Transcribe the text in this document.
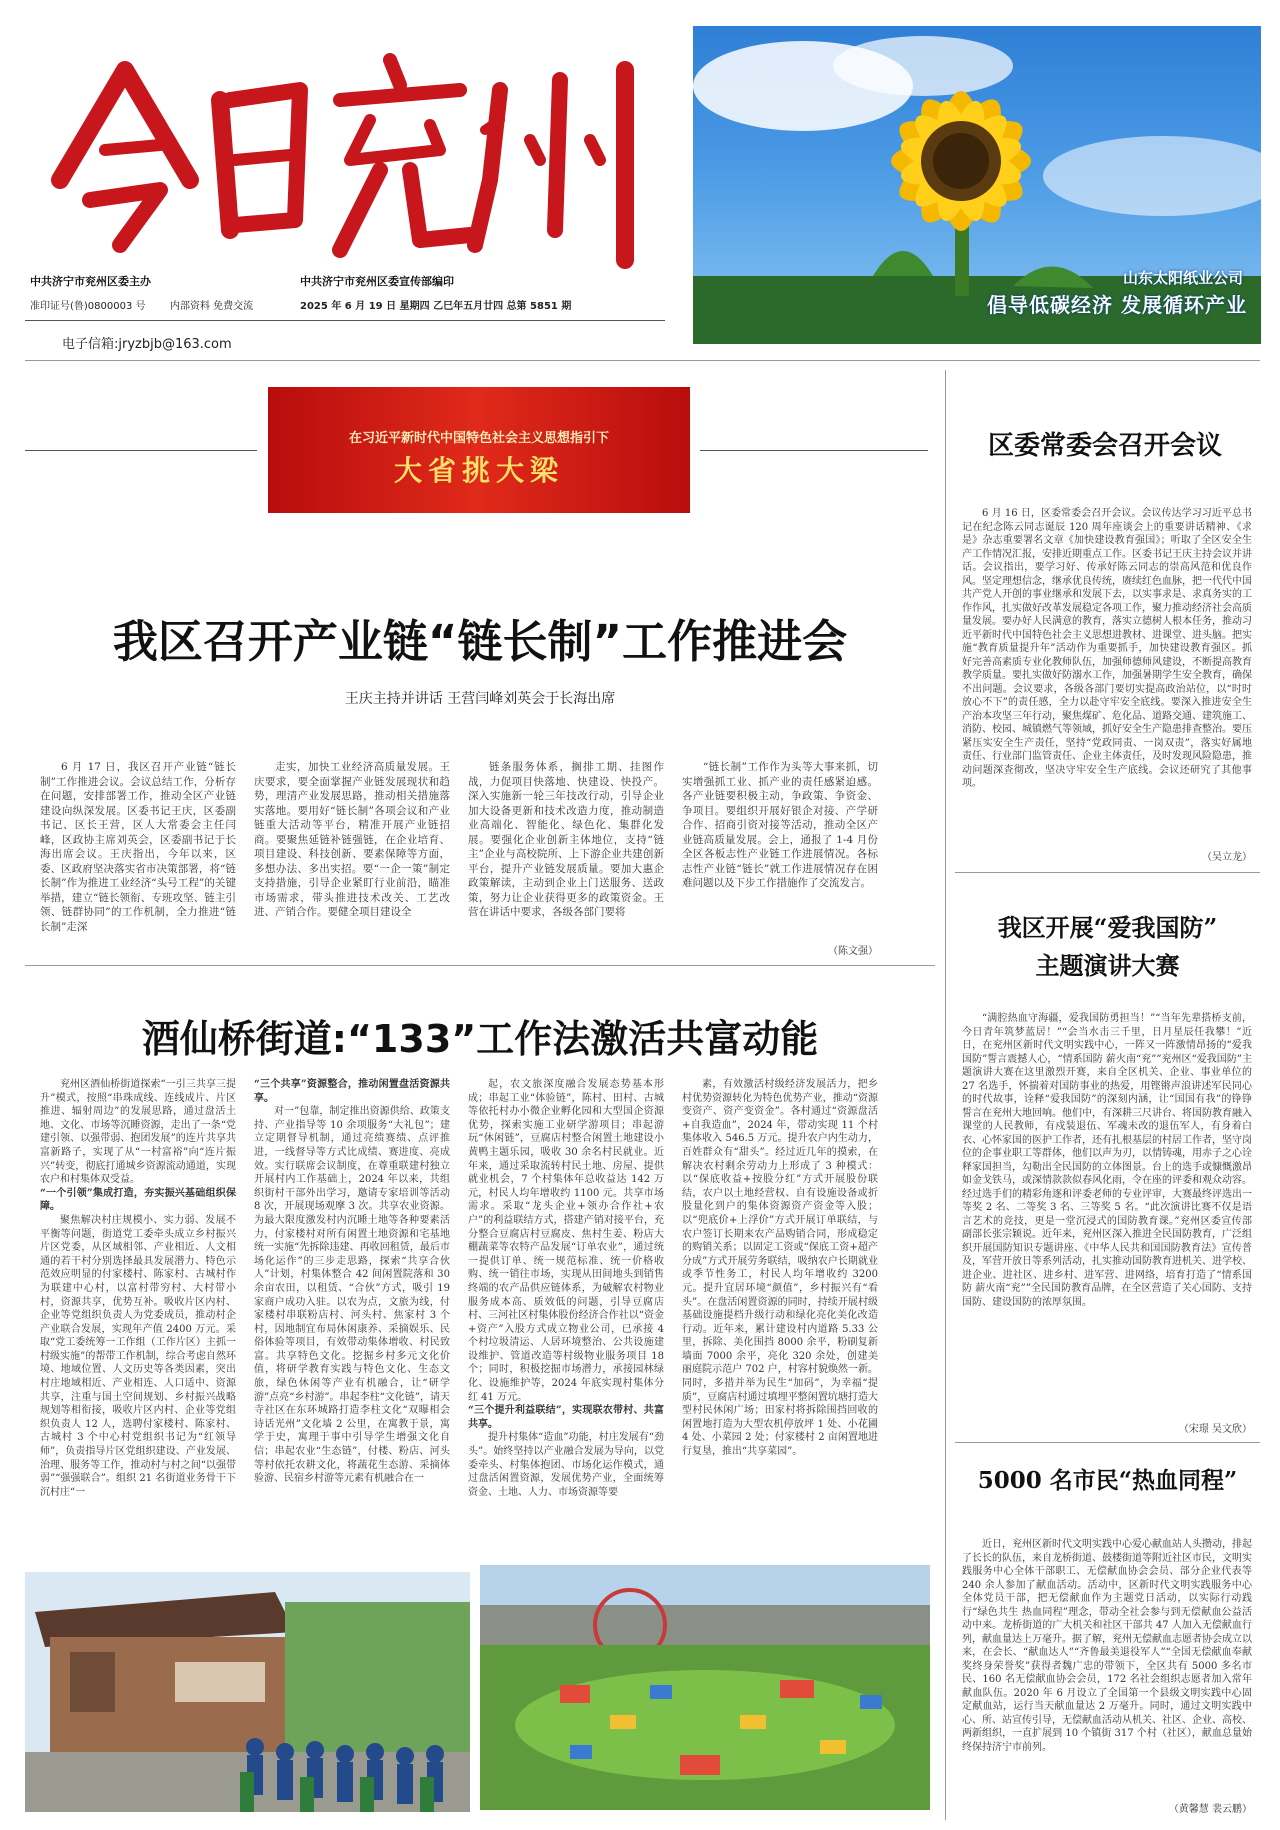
中共济宁市兖州区委主办	中共济宁市兖州区委宣传部编印
准印证号(鲁)0800003 号 内部资料 免费交流	2025 年 6 月 19 日 星期四 乙巳年五月廿四 总第 5851 期
电子信箱:jryzbjb@163.com
山东太阳纸业公司
倡导低碳经济 发展循环产业
在习近平新时代中国特色社会主义思想指引下
大省挑大梁
我区召开产业链“链长制”工作推进会
王庆主持并讲话 王营闫峰刘英会于长海出席

6 月 17 日，我区召开产业链“链长制”工作推进会议。会议总结工作，分析存在问题，安排部署工作，推动全区产业链建设向纵深发展。区委书记王庆，区委副书记、区长王营，区人大常委会主任闫峰，区政协主席刘英会，区委副书记于长海出席会议。王庆指出，今年以来，区委、区政府坚决落实省市决策部署，将“链长制”作为推进工业经济“头号工程”的关键举措，建立“链长领衔、专班攻坚、链主引领、链群协同”的工作机制，全力推进“链长制”走深

走实，加快工业经济高质量发展。王庆要求，要全面掌握产业链发展现状和趋势，理清产业发展思路，推动相关措施落实落地。要用好“链长制”各项会议和产业链重大活动等平台，精准开展产业链招商。要聚焦延链补链强链，在企业培育、项目建设、科技创新、要素保障等方面，多想办法、多出实招。要“一企一策”制定支持措施，引导企业紧盯行业前沿，瞄准市场需求，带头推进技术改关、工艺改进、产销合作。要健全项目建设全

链条服务体系，搁排工期、挂图作战，力促项目快落地、快建设、快投产。深入实施新一轮三年技改行动，引导企业加大设备更新和技术改造力度，推动制造业高端化、智能化、绿色化、集群化发展。要强化企业创新主体地位，支持“链主”企业与高校院所、上下游企业共建创新平台，提升产业链发展质量。要加大惠企政策解读，主动到企业上门送服务、送政策，努力让企业获得更多的政策资金。王营在讲话中要求，各级各部门要将

“链长制”工作作为头等大事来抓，切实增强抓工业、抓产业的责任感紧迫感。各产业链要积极主动，争政策、争资金、争项目。要组织开展好银企对接、产学研合作、招商引资对接等活动，推动全区产业链高质量发展。会上，通报了 1-4 月份全区各板志性产业链工作进展情况。各标志性产业链“链长”就工作进展情况存在困难问题以及下步工作措施作了交流发言。

（陈文强）
酒仙桥街道:“133”工作法激活共富动能

兖州区酒仙桥街道探索“一引三共享三提升”模式，按照“串珠成线、连线成片、片区推进、辐射周边”的发展思路，通过盘活土地、文化、市场等沉睡资源，走出了一条“党建引领、以强带弱、抱团发展”的连片共享共富新路子，实现了从“一村富裕”向“连片振兴”转变，彻底打通城乡资源流动通道，实现农户和村集体双受益。

“一个引领”集成打造，夯实振兴基础组织保障。

聚焦解决村庄规模小、实力弱、发展不平衡等问题，街道党工委牵头成立乡村振兴片区党委，从区域相邻、产业相近、人文相通的若干村分别选择最具发展潜力、特色示范效应明显的付家楼村、陈家村、古城村作为联建中心村，以富村带穷村、大村带小村，资源共享，优势互补。吸收片区内村、企业等党组织负责人为党委成员，推动村企产业联合发展，实现年产值 2400 万元。采取“党工委统筹一工作组（工作片区）主抓一村级实施”的帮带工作机制，综合考虑自然环境、地域位置、人文历史等各类因素，突出村庄地域相近、产业相连、人口适中、资源共享，注重与国土空间规划、乡村振兴战略规划等相衔接，吸收片区内村、企业等党组织负责人 12 人，选聘付家楼村、陈家村、古城村 3 个中心村党组织书记为“红领导师”，负责指导片区党组织建设、产业发展、治理、服务等工作，推动村与村之间“以强带弱”“强强联合”。组织 21 名街道业务骨干下沉村庄“一

“三个共享”资源整合，推动闲置盘活资源共享。

对一”包靠，制定推出资源供给、政策支持、产业指导等 10 余项服务“大礼包”；建立定期督导机制，通过亮绩赛绩、点评推进，一线督导等方式比成绩、赛进度、亮成效。实行联席会议制度，在尊重联建村独立开展村内工作基础上，2024 年以来，共组织街村干部外出学习，邀请专家培训等活动 8 次，开展现场观摩 3 次。共享农业资源。为最大限度激发村内沉睡土地等各种要素活力，付家楼村对所有闲置土地资源和宅基地统一实施“先拆除违建、再收回租赁，最后市场化运作”的三步走思路，探索“共享合伙人”计划，村集体整合 42 间闲置院落和 30 余亩农田，以租赁、“合伙”方式，吸引 19 家商户成功入驻。以农为点，文旅为线，付家楼村串联粉店村、河头村、焦家村 3 个村，因地制宜布局休闲康养、采摘娱乐、民俗体验等项目，有效带动集体增收、村民致富。共享特色文化。挖掘乡村多元文化价值，将研学教育实践与特色文化、生态文旅，绿色休闲等产业有机融合，让“研学游”点亮“乡村游”。串起李柱“文化链”，请天寺社区在东环城路打造李柱文化“双曝相会 诗话光州”文化墙 2 公里，在寓教于景，寓学于史，寓理于事中引导学生增强文化自信；串起农业“生态链”，付楼、粉店、河头等村依托农耕文化，将蔬花生态游、采摘体验游、民宿乡村游等元素有机融合在一

起，农文旅深度融合发展态势基本形成；串起工业“体验链”，陈村、田村、古城等依托村办小微企业孵化园和大型国企资源优势，探索实施工业研学游项目；串起游玩“休闲链”，豆腐店村整合闲置土地建设小黄鸭主题乐园，吸收 30 余名村民就业。近年来，通过采取流转村民土地、房屋、提供就业机会，7 个村集体年总收益达 142 万元，村民人均年增收约 1100 元。共享市场需求。采取“龙头企业+领办合作社+农户”的利益联结方式，搭建产销对接平台，充分整合豆腐店村豆腐皮、焦村生姜、粉店大棚蔬菜等农特产品发展“订单农业”，通过统一提供订单、统一规范标准、统一价格收购、统一销往市场，实现从田间地头到销售终端的农产品供应链体系，为破解农村物业服务成本高、质效低的问题，引导豆腐店村、三河社区村集体股份经济合作社以“资金+资产”入股方式成立物业公司，已承接 4 个村垃圾清运、人居环境整治、公共设施建设维护、管道改造等村级物业服务项目 18 个；同时，积极挖掘市场潜力，承接园林绿化、设施维护等，2024 年底实现村集体分红 41 万元。

“三个提升利益联结”，实现联农带村、共富共享。

提升村集体“造血”功能，村庄发展有“劲头”。始终坚持以产业融合发展为导向，以党委牵头、村集体抱团、市场化运作模式，通过盘活闲置资源，发展优势产业，全面统筹资金、土地、人力、市场资源等要

素，有效激活村级经济发展活力，把乡村优势资源转化为特色优势产业，推动“资源变资产、资产变资金”。各村通过“资源盘活+自我造血”，2024 年，带动实现 11 个村集体收入 546.5 万元。提升农户内生动力，百姓群众有“甜头”。经过近几年的摸索，在解决农村剩余劳动力上形成了 3 种模式：以“保底收益+按股分红”方式开展股份联结，农户以土地经营权、自有设施设备或折股量化到户的集体资源资产资金等入股；以“兜底价+上浮价”方式开展订单联结，与农户签订长期来农产品购销合同，形成稳定的购销关系；以固定工资或“保底工资+超产分成”方式开展劳务联结，吸纳农户长期就业或季节性务工，村民人均年增收约 3200 元。提升宜居环境“颜值”，乡村振兴有“看头”。在盘活闲置资源的同时，持续开展村级基础设施提档升级行动和绿化亮化美化改造行动。近年来，累计建设村内道路 5.33 公里，拆除、美化围挡 8000 余平，粉刷复新墙面 7000 余平，亮化 320 余处，创建美丽庭院示范户 702 户，村容村貌焕然一新。同时，多措并举为民生“加码”，为幸福“提质”，豆腐店村通过填埋平整闲置坑塘打造大型村民休闲广场；田家村将拆除围挡回收的闲置地打造为大型农机停放坪 1 处、小花圃 4 处、小菜园 2 处；付家楼村 2 亩闲置地进行复垦，推出“共享菜园”。

区委常委会召开会议

6 月 16 日，区委常委会召开会议。会议传达学习习近平总书记在纪念陈云同志诞辰 120 周年座谈会上的重要讲话精神、《求是》杂志重要署名文章《加快建设教育强国》；听取了全区安全生产工作情况汇报，安排近期重点工作。区委书记王庆主持会议并讲话。会议指出，要学习好、传承好陈云同志的崇高风范和优良作风。坚定理想信念，继承优良传统，赓续红色血脉，把一代代中国共产党人开创的事业继承和发展下去，以实事求是、求真务实的工作作风，扎实做好改革发展稳定各项工作，聚力推动经济社会高质量发展。要办好人民满意的教育，落实立德树人根本任务，推动习近平新时代中国特色社会主义思想进教材、进课堂、进头脑。把实施“教育质量提升年”活动作为重要抓手，加快建设教育强区。抓好完善高素质专业化教师队伍，加强师德师风建设，不断提高教育教学质量。要扎实做好防溺水工作，加强暑期学生安全教育，确保不出问题。会议要求，各级各部门要切实提高政治站位，以“时时放心不下”的责任感，全力以赴守牢安全底线。要深入推进安全生产治本攻坚三年行动，聚焦煤矿、危化品、道路交通、建筑施工、消防、校园、城镇燃气等领域，抓好安全生产隐患排查整治。要压紧压实安全生产责任，坚持“党政同责、一岗双责”，落实好属地责任、行业部门监管责任、企业主体责任，及时发现风险隐患，推动问题深查彻改，坚决守牢安全生产底线。会议还研究了其他事项。

（吴立龙）
我区开展“爱我国防”
主题演讲大赛

“满腔热血守海疆，爱我国防勇担当！”“当年先辈搭桥支前，今日青年筑梦蓝居！”“会当水击三千里，日月星辰任我攀！”近日，在兖州区新时代文明实践中心，一阵又一阵激情昂扬的“爱我国防”誓言震撼人心，“情系国防 薪火南“兖””兖州区“爱我国防”主题演讲大赛在这里激烈开赛，来自全区机关、企业、事业单位的 27 名选手，怀揣着对国防事业的热爱，用铿锵声浪讲述军民同心的时代故事，诠释“爱我国防”的深刻内涵，让“国国有我”的铮铮誓言在兖州大地回响。他们中，有深耕三尺讲台、将国防教育融入课堂的人民教师，有戍装退伍、军魂未改的退伍军人，有身着白衣、心怀家国的医护工作者，还有扎根基层的村居工作者，坚守岗位的企事业职工等群体，他们以声为刃，以情铸魂，用赤子之心诠释家国担当，勾勒出全民国防的立体图景。台上的选手或慷慨激昂如金戈铁马，或深情款款似春风化雨，令在座的评委和观众动容。经过选手们的精彩角逐和评委老师的专业评审，大赛最终评选出一等奖 2 名、二等奖 3 名、三等奖 5 名。“此次演讲比赛不仅是语言艺术的竞技，更是一堂沉浸式的国防教育课。”兖州区委宣传部副部长张宗颖说。近年来，兖州区深入推进全民国防教育，广泛组织开展国防知识专题讲座、《中华人民共和国国防教育法》宣传普及，军营开放日等系列活动，扎实推动国防教育进机关、进学校、进企业、进社区、进乡村、进军营、进网络，培育打造了“情系国防 薪火南“兖””全民国防教育品牌，在全区营造了关心国防、支持国防、建设国防的浓厚氛围。

（宋璟 吴文欣）
5000 名市民“热血同程”

近日，兖州区新时代文明实践中心爱心献血站人头攒动，排起了长长的队伍，来自龙桥街道、鼓楼街道等附近社区市民，文明实践服务中心全体干部职工、无偿献血协会会员、部分企业代表等 240 余人参加了献血活动。活动中，区新时代文明实践服务中心全体党员干部，把无偿献血作为主题党日活动，以实际行动践行“绿色共生 热血同程”理念，带动全社会参与到无偿献血公益活动中来。龙桥街道的广大机关和社区干部共 47 人加入无偿献血行列，献血量达上万毫升。据了解，兖州无偿献血志愿者协会成立以来，在会长、“献血达人”“齐鲁最美退役军人”“全国无偿献血奉献奖终身荣誉奖”获得者魏广忠的带领下，全区共有 5000 多名市民、160 名无偿献血协会会员，172 名社会组织志愿者加入常年献血队伍。2020 年 6 月设立了全国第一个县级文明实践中心固定献血站，运行当天献血量达 2 万毫升。同时，通过文明实践中心、所、站宣传引导，无偿献血活动从机关、社区、企业、高校、两新组织，一直扩展到 10 个镇街 317 个村（社区），献血总量始终保持济宁市前列。

（黄馨慧 裴云鹏）
